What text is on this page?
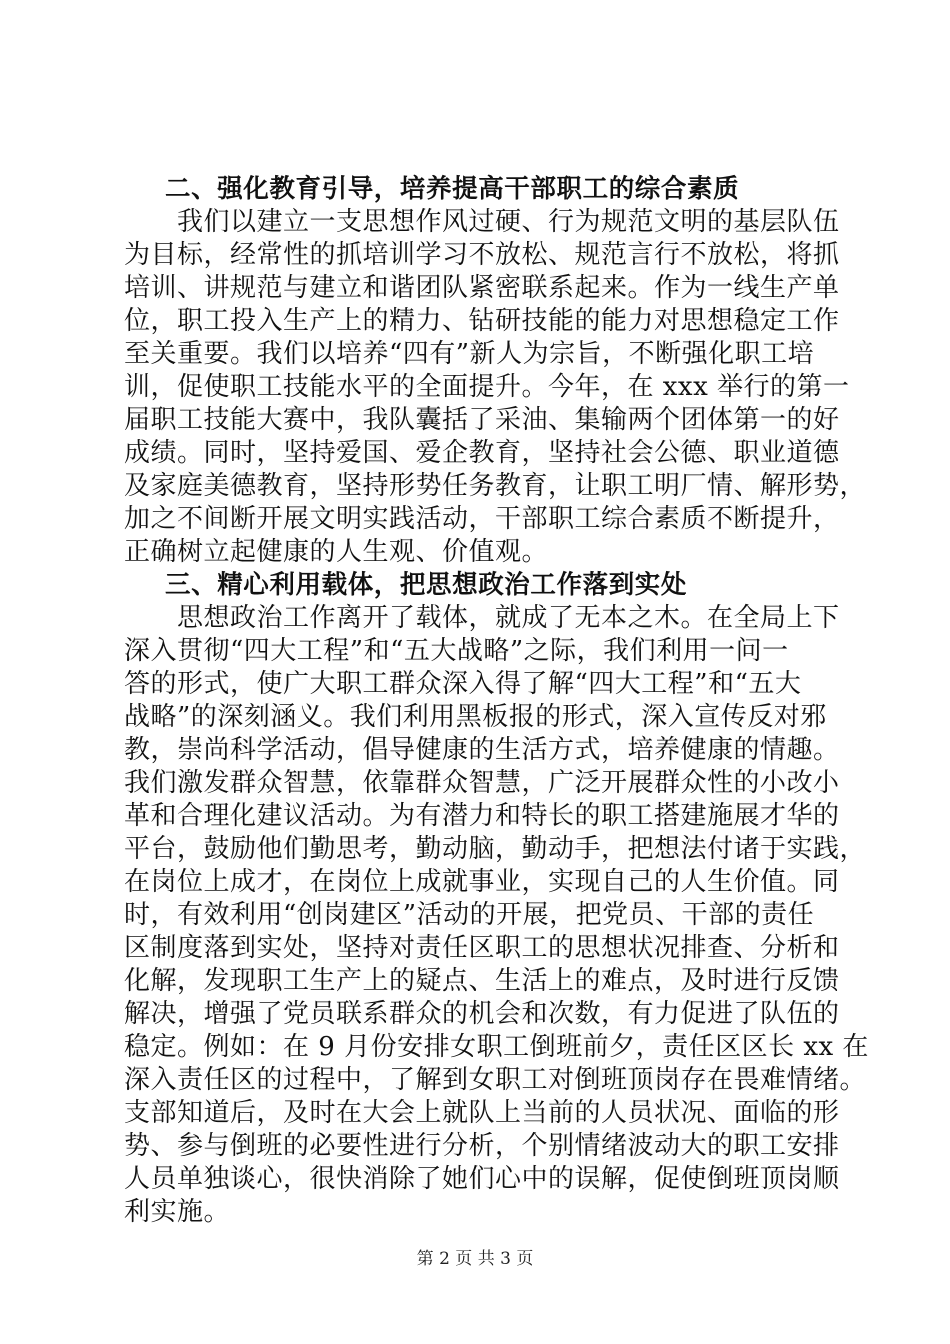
二、强化教育引导，培养提高干部职工的综合素质
我们以建立一支思想作风过硬、行为规范文明的基层队伍
为目标，经常性的抓培训学习不放松、规范言行不放松，将抓
培训、讲规范与建立和谐团队紧密联系起来。作为一线生产单
位，职工投入生产上的精力、钻研技能的能力对思想稳定工作
至关重要。我们以培养“四有”新人为宗旨，不断强化职工培
训，促使职工技能水平的全面提升。今年，在 xxx 举行的第一
届职工技能大赛中，我队囊括了采油、集输两个团体第一的好
成绩。同时，坚持爱国、爱企教育，坚持社会公德、职业道德
及家庭美德教育，坚持形势任务教育，让职工明厂情、解形势，
加之不间断开展文明实践活动，干部职工综合素质不断提升，
正确树立起健康的人生观、价值观。
三、精心利用载体，把思想政治工作落到实处
思想政治工作离开了载体，就成了无本之木。在全局上下
深入贯彻“四大工程”和“五大战略”之际，我们利用一问一
答的形式，使广大职工群众深入得了解“四大工程”和“五大
战略”的深刻涵义。我们利用黑板报的形式，深入宣传反对邪
教，崇尚科学活动，倡导健康的生活方式，培养健康的情趣。
我们激发群众智慧，依靠群众智慧，广泛开展群众性的小改小
革和合理化建议活动。为有潜力和特长的职工搭建施展才华的
平台，鼓励他们勤思考，勤动脑，勤动手，把想法付诸于实践，
在岗位上成才，在岗位上成就事业，实现自己的人生价值。同
时，有效利用“创岗建区”活动的开展，把党员、干部的责任
区制度落到实处，坚持对责任区职工的思想状况排查、分析和
化解，发现职工生产上的疑点、生活上的难点，及时进行反馈
解决，增强了党员联系群众的机会和次数，有力促进了队伍的
稳定。例如：在 9 月份安排女职工倒班前夕，责任区区长 xx 在
深入责任区的过程中，了解到女职工对倒班顶岗存在畏难情绪。
支部知道后，及时在大会上就队上当前的人员状况、面临的形
势、参与倒班的必要性进行分析，个别情绪波动大的职工安排
人员单独谈心，很快消除了她们心中的误解，促使倒班顶岗顺
利实施。
第 2 页 共 3 页
